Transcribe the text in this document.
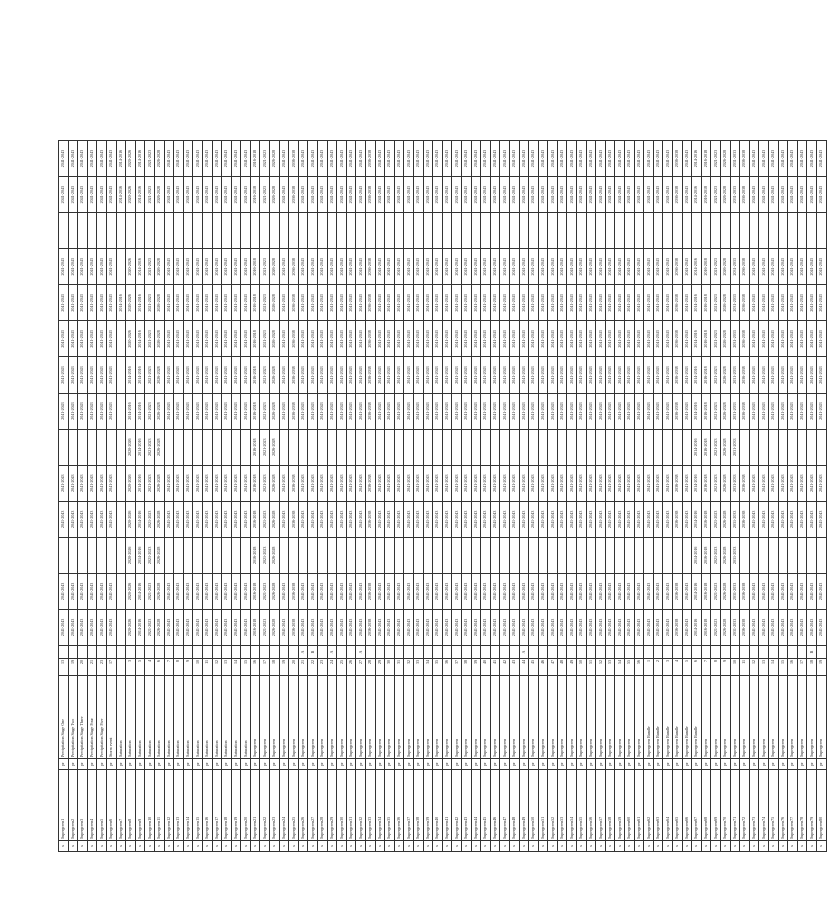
x	Supergreen1	pr	Precipitation Stage One	13		2041-2043	2041-2043		2041-2043	2041-2043		2041-2043	2041-2043	2041-2043	2041-2043	2041-2043		2041-2043	2041-2043
x	Supergreen2	pr	Precipitation Stage Two	19		2041-2043	2041-2043		2041-2043	2041-2043		2041-2043	2041-2043	2041-2043	2041-2043	2041-2043		2041-2043	2041-2043
x	Supergreen3	pr	Precipitation Stage Three	20		2041-2043	2041-2043		2041-2043	2041-2043		2041-2043	2041-2043	2041-2043	2041-2043	2041-2043		2041-2043	2041-2043
x	Supergreen4	pr	Precipitation Stage Four	21		2041-2043	2041-2043		2041-2043	2041-2043		2041-2043	2041-2043	2041-2043	2041-2043	2041-2043		2041-2043	2041-2043
x	Supergreen5	pr	Precipitation Stage Five	23		2041-2043	2041-2043		2041-2043	2041-2043		2041-2043	2041-2043	2041-2043	2041-2043	2041-2043		2041-2043	2041-2043
x	Supergreen6	pr	Storm event	17		2041-2043	2041-2043		2041-2043	2041-2043		2041-2043	2041-2043	2041-2043	2041-2043	2041-2043		2041-2043	2041-2043
x	Supergreen7	pr	Saturation												2014-2016			2014-2016	2014-2016
x	Supergreen8	pr	Saturation	3		2020-2026	2020-2026	2020-2026	2020-2026	2020-2026	2020-2026	2014-2016	2014-2016	2020-2026	2020-2026	2020-2026		2020-2026	2020-2026
x	Supergreen9	pr	Saturation	5		2014-2016	2014-2016	2014-2016	2014-2016	2014-2016	2014-2016	2014-2016	2014-2016	2014-2016	2014-2016	2014-2016		2014-2016	2014-2016
x	Supergreen10	pr	Saturation	4		2021-2023	2021-2023	2021-2023	2021-2023	2021-2023	2021-2023	2021-2023	2021-2023	2021-2023	2021-2023	2021-2023		2021-2023	2021-2023
x	Supergreen11	pr	Saturation	6		2026-2028	2026-2028	2026-2028	2026-2028	2026-2028	2026-2028	2026-2028	2026-2028	2026-2028	2026-2028	2026-2028		2026-2028	2026-2028
x	Supergreen12	pr	Saturation	7		2041-2043	2041-2043		2041-2043	2041-2043		2041-2043	2041-2043	2041-2043	2041-2043	2041-2043		2041-2043	2041-2043
x	Supergreen13	pr	Saturation	8		2041-2043	2041-2043		2041-2043	2041-2043		2041-2043	2041-2043	2041-2043	2041-2043	2041-2043		2041-2043	2041-2043
x	Supergreen14	pr	Saturation	9		2041-2043	2041-2043		2041-2043	2041-2043		2041-2043	2041-2043	2041-2043	2041-2043	2041-2043		2041-2043	2041-2043
x	Supergreen15	pr	Saturation	10		2041-2043	2041-2043		2041-2043	2041-2043		2041-2043	2041-2043	2041-2043	2041-2043	2041-2043		2041-2043	2041-2043
x	Supergreen16	pr	Saturation	11		2041-2043	2041-2043		2041-2043	2041-2043		2041-2043	2041-2043	2041-2043	2041-2043	2041-2043		2041-2043	2041-2043
x	Supergreen17	pr	Saturation	12		2041-2043	2041-2043		2041-2043	2041-2043		2041-2043	2041-2043	2041-2043	2041-2043	2041-2043		2041-2043	2041-2043
x	Supergreen18	pr	Saturation	13		2041-2043	2041-2043		2041-2043	2041-2043		2041-2043	2041-2043	2041-2043	2041-2043	2041-2043		2041-2043	2041-2043
x	Supergreen19	pr	Saturation	14		2041-2043	2041-2043		2041-2043	2041-2043		2041-2043	2041-2043	2041-2043	2041-2043	2041-2043		2041-2043	2041-2043
x	Supergreen20	pr	Saturation	15		2041-2043	2041-2043		2041-2043	2041-2043		2041-2043	2041-2043	2041-2043	2041-2043	2041-2043		2041-2043	2041-2043
x	Supergreen21	pr	Supergreen	16		2016-2018	2016-2018	2016-2018	2016-2018	2016-2018	2016-2018	2016-2018	2016-2018	2016-2018	2016-2018	2016-2018		2016-2018	2016-2018
x	Supergreen22	pr	Supergreen	17		2021-2023	2021-2023	2021-2023	2021-2023	2021-2023	2021-2023	2021-2023	2021-2023	2021-2023	2021-2023	2021-2023		2021-2023	2021-2023
x	Supergreen23	pr	Supergreen	18		2026-2028	2026-2028	2026-2028	2026-2028	2026-2028	2026-2028	2026-2028	2026-2028	2026-2028	2026-2028	2026-2028		2026-2028	2026-2028
x	Supergreen24	pr	Supergreen	19		2041-2043	2041-2043		2041-2043	2041-2043		2041-2043	2041-2043	2041-2043	2041-2043	2041-2043		2041-2043	2041-2043
x	Supergreen25	pr	Supergreen	20		2036-2038	2036-2038		2036-2038	2036-2038		2036-2038	2036-2038	2036-2038	2036-2038	2036-2038		2036-2038	2036-2038
x	Supergreen26	pr	Supergreen	21	A	2041-2043	2041-2043		2041-2043	2041-2043		2041-2043	2041-2043	2041-2043	2041-2043	2041-2043		2041-2043	2041-2043
x	Supergreen27	pr	Supergreen	22	B	2041-2043	2041-2043		2041-2043	2041-2043		2041-2043	2041-2043	2041-2043	2041-2043	2041-2043		2041-2043	2041-2043
x	Supergreen28	pr	Supergreen	23		2041-2043	2041-2043		2041-2043	2041-2043		2041-2043	2041-2043	2041-2043	2041-2043	2041-2043		2041-2043	2041-2043
x	Supergreen29	pr	Supergreen	24	A	2041-2043	2041-2043		2041-2043	2041-2043		2041-2043	2041-2043	2041-2043	2041-2043	2041-2043		2041-2043	2041-2043
x	Supergreen30	pr	Supergreen	25		2041-2043	2041-2043		2041-2043	2041-2043		2041-2043	2041-2043	2041-2043	2041-2043	2041-2043		2041-2043	2041-2043
x	Supergreen31	pr	Supergreen	26		2041-2043	2041-2043		2041-2043	2041-2043		2041-2043	2041-2043	2041-2043	2041-2043	2041-2043		2041-2043	2041-2043
x	Supergreen32	pr	Supergreen	27	A	2041-2043	2041-2043		2041-2043	2041-2043		2041-2043	2041-2043	2041-2043	2041-2043	2041-2043		2041-2043	2041-2043
x	Supergreen33	pr	Supergreen	28		2036-2038	2036-2038		2036-2038	2036-2038		2036-2038	2036-2038	2036-2038	2036-2038	2036-2038		2036-2038	2036-2038
x	Supergreen34	pr	Supergreen	29		2041-2043	2041-2043		2041-2043	2041-2043		2041-2043	2041-2043	2041-2043	2041-2043	2041-2043		2041-2043	2041-2043
x	Supergreen35	pr	Supergreen	30		2041-2043	2041-2043		2041-2043	2041-2043		2041-2043	2041-2043	2041-2043	2041-2043	2041-2043		2041-2043	2041-2043
x	Supergreen36	pr	Supergreen	31		2041-2043	2041-2043		2041-2043	2041-2043		2041-2043	2041-2043	2041-2043	2041-2043	2041-2043		2041-2043	2041-2043
x	Supergreen37	pr	Supergreen	32		2041-2043	2041-2043		2041-2043	2041-2043		2041-2043	2041-2043	2041-2043	2041-2043	2041-2043		2041-2043	2041-2043
x	Supergreen38	pr	Supergreen	33		2041-2043	2041-2043		2041-2043	2041-2043		2041-2043	2041-2043	2041-2043	2041-2043	2041-2043		2041-2043	2041-2043
x	Supergreen39	pr	Supergreen	34		2041-2043	2041-2043		2041-2043	2041-2043		2041-2043	2041-2043	2041-2043	2041-2043	2041-2043		2041-2043	2041-2043
x	Supergreen40	pr	Supergreen	35		2041-2043	2041-2043		2041-2043	2041-2043		2041-2043	2041-2043	2041-2043	2041-2043	2041-2043		2041-2043	2041-2043
x	Supergreen41	pr	Supergreen	36		2041-2043	2041-2043		2041-2043	2041-2043		2041-2043	2041-2043	2041-2043	2041-2043	2041-2043		2041-2043	2041-2043
x	Supergreen42	pr	Supergreen	37		2041-2043	2041-2043		2041-2043	2041-2043		2041-2043	2041-2043	2041-2043	2041-2043	2041-2043		2041-2043	2041-2043
x	Supergreen43	pr	Supergreen	38		2041-2043	2041-2043		2041-2043	2041-2043		2041-2043	2041-2043	2041-2043	2041-2043	2041-2043		2041-2043	2041-2043
x	Supergreen44	pr	Supergreen	39		2041-2043	2041-2043		2041-2043	2041-2043		2041-2043	2041-2043	2041-2043	2041-2043	2041-2043		2041-2043	2041-2043
x	Supergreen45	pr	Supergreen	40		2041-2043	2041-2043		2041-2043	2041-2043		2041-2043	2041-2043	2041-2043	2041-2043	2041-2043		2041-2043	2041-2043
x	Supergreen46	pr	Supergreen	41		2041-2043	2041-2043		2041-2043	2041-2043		2041-2043	2041-2043	2041-2043	2041-2043	2041-2043		2041-2043	2041-2043
x	Supergreen47	pr	Supergreen	42		2041-2043	2041-2043		2041-2043	2041-2043		2041-2043	2041-2043	2041-2043	2041-2043	2041-2043		2041-2043	2041-2043
x	Supergreen48	pr	Supergreen	43		2041-2043	2041-2043		2041-2043	2041-2043		2041-2043	2041-2043	2041-2043	2041-2043	2041-2043		2041-2043	2041-2043
x	Supergreen49	pr	Supergreen	44	A	2041-2043	2041-2043		2041-2043	2041-2043		2041-2043	2041-2043	2041-2043	2041-2043	2041-2043		2041-2043	2041-2043
x	Supergreen50	pr	Supergreen	45		2041-2043	2041-2043		2041-2043	2041-2043		2041-2043	2041-2043	2041-2043	2041-2043	2041-2043		2041-2043	2041-2043
x	Supergreen51	pr	Supergreen	46		2041-2043	2041-2043		2041-2043	2041-2043		2041-2043	2041-2043	2041-2043	2041-2043	2041-2043		2041-2043	2041-2043
x	Supergreen52	pr	Supergreen	47		2041-2043	2041-2043		2041-2043	2041-2043		2041-2043	2041-2043	2041-2043	2041-2043	2041-2043		2041-2043	2041-2043
x	Supergreen53	pr	Supergreen	48		2041-2043	2041-2043		2041-2043	2041-2043		2041-2043	2041-2043	2041-2043	2041-2043	2041-2043		2041-2043	2041-2043
x	Supergreen54	pr	Supergreen	49		2041-2043	2041-2043		2041-2043	2041-2043		2041-2043	2041-2043	2041-2043	2041-2043	2041-2043		2041-2043	2041-2043
x	Supergreen55	pr	Supergreen	50		2041-2043	2041-2043		2041-2043	2041-2043		2041-2043	2041-2043	2041-2043	2041-2043	2041-2043		2041-2043	2041-2043
x	Supergreen56	pr	Supergreen	51		2041-2043	2041-2043		2041-2043	2041-2043		2041-2043	2041-2043	2041-2043	2041-2043	2041-2043		2041-2043	2041-2043
x	Supergreen57	pr	Supergreen	52		2041-2043	2041-2043		2041-2043	2041-2043		2041-2043	2041-2043	2041-2043	2041-2043	2041-2043		2041-2043	2041-2043
x	Supergreen58	pr	Supergreen	53		2041-2043	2041-2043		2041-2043	2041-2043		2041-2043	2041-2043	2041-2043	2041-2043	2041-2043		2041-2043	2041-2043
x	Supergreen59	pr	Supergreen	54		2041-2043	2041-2043		2041-2043	2041-2043		2041-2043	2041-2043	2041-2043	2041-2043	2041-2043		2041-2043	2041-2043
x	Supergreen60	pr	Supergreen	55		2041-2043	2041-2043		2041-2043	2041-2043		2041-2043	2041-2043	2041-2043	2041-2043	2041-2043		2041-2043	2041-2043
x	Supergreen61	pr	Supergreen	56		2041-2043	2041-2043		2041-2043	2041-2043		2041-2043	2041-2043	2041-2043	2041-2043	2041-2043		2041-2043	2041-2043
x	Supergreen62	pr	Supergreen Bundle	1		2041-2043	2041-2043		2041-2043	2041-2043		2041-2043	2041-2043	2041-2043	2041-2043	2041-2043		2041-2043	2041-2043
x	Supergreen63	pr	Supergreen Bundle	2		2041-2043	2041-2043		2041-2043	2041-2043		2041-2043	2041-2043	2041-2043	2041-2043	2041-2043		2041-2043	2041-2043
x	Supergreen64	pr	Supergreen Bundle	3		2041-2043	2041-2043		2041-2043	2041-2043		2041-2043	2041-2043	2041-2043	2041-2043	2041-2043		2041-2043	2041-2043
x	Supergreen65	pr	Supergreen Bundle	4		2036-2038	2036-2038		2036-2038	2036-2038		2036-2038	2036-2038	2036-2038	2036-2038	2036-2038		2036-2038	2036-2038
x	Supergreen66	pr	Supergreen Bundle	5		2041-2043	2041-2043		2041-2043	2041-2043		2041-2043	2041-2043	2041-2043	2041-2043	2041-2043		2041-2043	2041-2043
x	Supergreen67	pr	Supergreen Bundle	6		2014-2016	2014-2016	2014-2016	2014-2016	2014-2016	2014-2016	2014-2016	2014-2016	2014-2016	2014-2016	2014-2016		2014-2016	2014-2016
x	Supergreen68	pr	Supergreen	7		2016-2018	2016-2018	2016-2018	2016-2018	2016-2018	2016-2018	2016-2018	2016-2018	2016-2018	2016-2018	2016-2018		2016-2018	2016-2018
x	Supergreen69	pr	Supergreen	8		2021-2023	2021-2023	2021-2023	2021-2023	2021-2023	2021-2023	2021-2023	2021-2023	2021-2023	2021-2023	2021-2023		2021-2023	2021-2023
x	Supergreen70	pr	Supergreen	9		2026-2028	2026-2028	2026-2028	2026-2028	2026-2028	2026-2028	2026-2028	2026-2028	2026-2028	2026-2028	2026-2028		2026-2028	2026-2028
x	Supergreen71	pr	Supergreen	10		2031-2033	2031-2033	2031-2033	2031-2033	2031-2033	2031-2033	2031-2033	2031-2033	2031-2033	2031-2033	2031-2033		2031-2033	2031-2033
x	Supergreen72	pr	Supergreen	11		2036-2038	2036-2038		2036-2038	2036-2038		2036-2038	2036-2038	2036-2038	2036-2038	2036-2038		2036-2038	2036-2038
x	Supergreen73	pr	Supergreen	12		2041-2043	2041-2043		2041-2043	2041-2043		2041-2043	2041-2043	2041-2043	2041-2043	2041-2043		2041-2043	2041-2043
x	Supergreen74	pr	Supergreen	13		2041-2043	2041-2043		2041-2043	2041-2043		2041-2043	2041-2043	2041-2043	2041-2043	2041-2043		2041-2043	2041-2043
x	Supergreen75	pr	Supergreen	14		2041-2043	2041-2043		2041-2043	2041-2043		2041-2043	2041-2043	2041-2043	2041-2043	2041-2043		2041-2043	2041-2043
x	Supergreen76	pr	Supergreen	15		2041-2043	2041-2043		2041-2043	2041-2043		2041-2043	2041-2043	2041-2043	2041-2043	2041-2043		2041-2043	2041-2043
x	Supergreen77	pr	Supergreen	16		2041-2043	2041-2043		2041-2043	2041-2043		2041-2043	2041-2043	2041-2043	2041-2043	2041-2043		2041-2043	2041-2043
x	Supergreen78	pr	Supergreen	17		2041-2043	2041-2043		2041-2043	2041-2043		2041-2043	2041-2043	2041-2043	2041-2043	2041-2043		2041-2043	2041-2043
x	Supergreen79	pr	Supergreen	18	B	2041-2043	2041-2043		2041-2043	2041-2043		2041-2043	2041-2043	2041-2043	2041-2043	2041-2043		2041-2043	2041-2043
x	Supergreen80	pr	Supergreen	19		2041-2043	2041-2043		2041-2043	2041-2043		2041-2043	2041-2043	2041-2043	2041-2043	2041-2043		2041-2043	2041-2043
